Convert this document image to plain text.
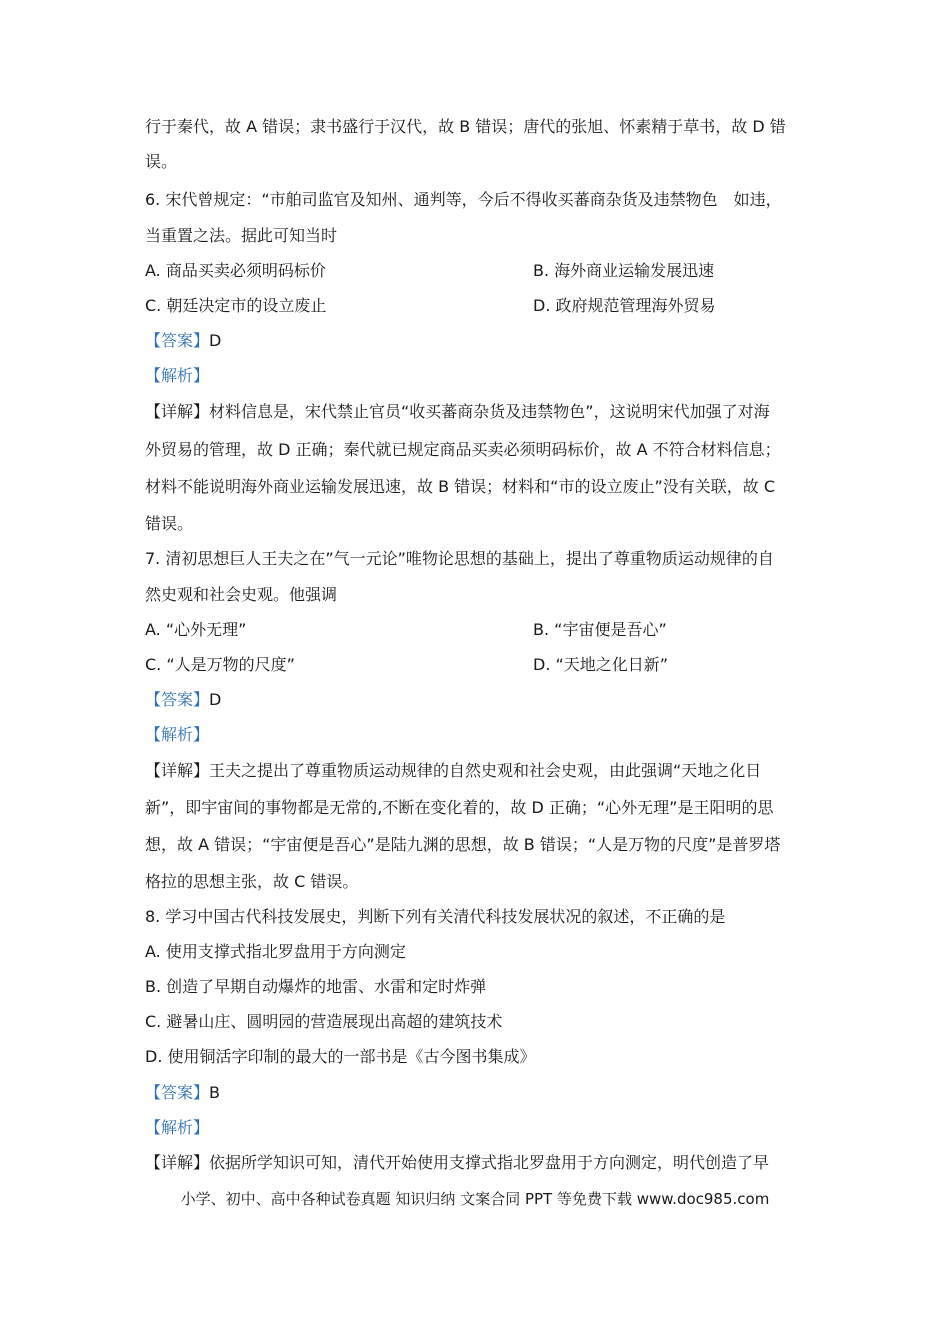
行于秦代，故 A 错误；隶书盛行于汉代，故 B 错误；唐代的张旭、怀素精于草书，故 D 错
误。
6. 宋代曾规定：“市舶司监官及知州、通判等，今后不得收买蕃商杂货及违禁物色　如违，
当重置之法。据此可知当时
A. 商品买卖必须明码标价	B. 海外商业运输发展迅速
C. 朝廷决定市的设立废止	D. 政府规范管理海外贸易
【答案】D
【解析】
【详解】材料信息是，宋代禁止官员“收买蕃商杂货及违禁物色”，这说明宋代加强了对海
外贸易的管理，故 D 正确；秦代就已规定商品买卖必须明码标价，故 A 不符合材料信息；
材料不能说明海外商业运输发展迅速，故 B 错误；材料和“市的设立废止”没有关联，故 C
错误。
7. 清初思想巨人王夫之在”气一元论”唯物论思想的基础上，提出了尊重物质运动规律的自
然史观和社会史观。他强调
A. “心外无理”	B. “宇宙便是吾心”
C. “人是万物的尺度”	D. “天地之化日新”
【答案】D
【解析】
【详解】王夫之提出了尊重物质运动规律的自然史观和社会史观，由此强调“天地之化日
新”，即宇宙间的事物都是无常的,不断在变化着的，故 D 正确；“心外无理”是王阳明的思
想，故 A 错误；“宇宙便是吾心”是陆九渊的思想，故 B 错误；“人是万物的尺度”是普罗塔
格拉的思想主张，故 C 错误。
8. 学习中国古代科技发展史，判断下列有关清代科技发展状况的叙述，不正确的是
A. 使用支撑式指北罗盘用于方向测定
B. 创造了早期自动爆炸的地雷、水雷和定时炸弹
C. 避暑山庄、圆明园的营造展现出高超的建筑技术
D. 使用铜活字印制的最大的一部书是《古今图书集成》
【答案】B
【解析】
【详解】依据所学知识可知，清代开始使用支撑式指北罗盘用于方向测定，明代创造了早
小学、初中、高中各种试卷真题 知识归纳 文案合同 PPT 等免费下载 www.doc985.com
